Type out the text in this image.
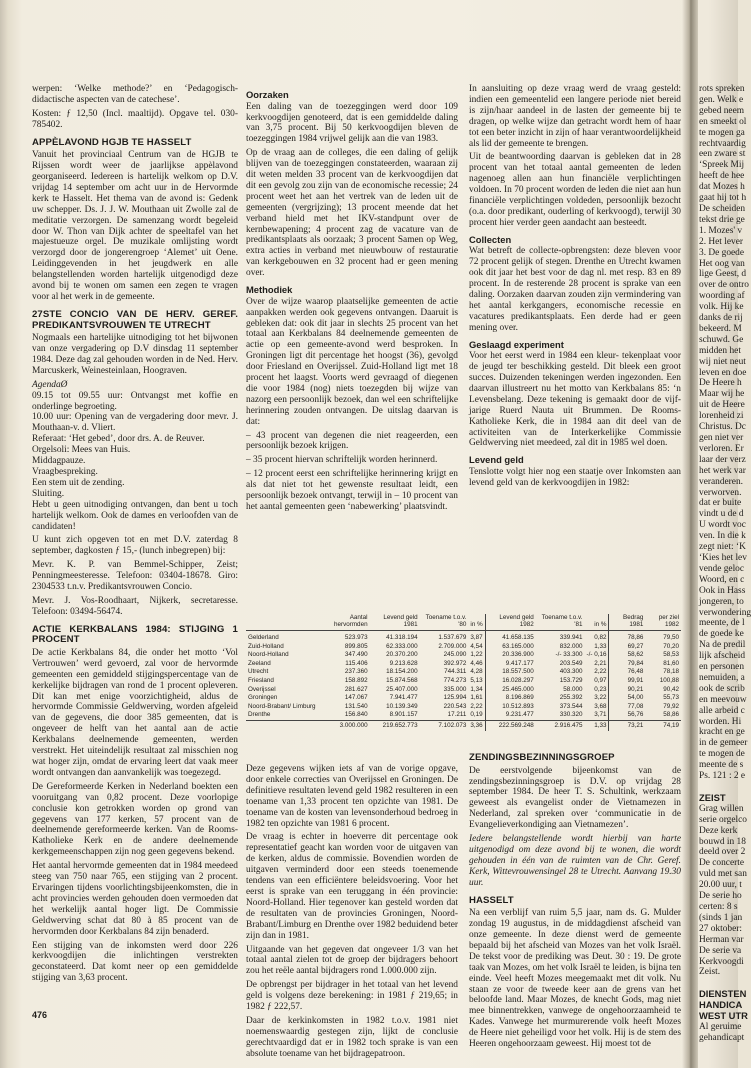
werpen: ‘Welke methode?’ en ‘Pedagogisch-didactische aspecten van de catechese’.

Kosten: ƒ 12,50 (Incl. maaltijd). Opgave tel. 030- 785402.

APPÈLAVOND HGJB TE HASSELT

Vanuit het provinciaal Centrum van de HGJB te Rijssen wordt weer de jaarlijkse appèlavond georganiseerd. Iedereen is hartelijk welkom op D.V. vrijdag 14 september om acht uur in de Hervormde kerk te Hasselt. Het thema van de avond is: Gedenk uw schepper. Ds. J. J. W. Mouthaan uit Zwolle zal de meditatie verzorgen. De samenzang wordt begeleid door W. Thon van Dijk achter de speeltafel van het majestueuze orgel. De muzikale omlijsting wordt verzorgd door de jongerengroep ‘Alemet’ uit Oene. Leidinggevenden in het jeugdwerk en alle belangstellenden worden hartelijk uitgenodigd deze avond bij te wonen om samen een zegen te vragen voor al het werk in de gemeente.

27STE CONCIO VAN DE HERV. GEREF. PREDIKANTSVROUWEN TE UTRECHT

Nogmaals een hartelijke uitnodiging tot het bijwonen van onze vergadering op D.V dinsdag 11 september 1984. Deze dag zal gehouden worden in de Ned. Herv. Marcuskerk, Weinesteinlaan, Hoograven.

AgendaØ
09.15 tot 09.55 uur: Ontvangst met koffie en onderlinge begroeting.
10.00 uur: Opening van de vergadering door mevr. J. Mouthaan-v. d. Vliert.
Referaat: ‘Het gebed’, door drs. A. de Reuver.
Orgelsoli: Mees van Huis.
Middagpauze.
Vraagbespreking.
Een stem uit de zending.
Sluiting.

Hebt u geen uitnodiging ontvangen, dan bent u toch hartelijk welkom. Ook de dames en verloofden van de candidaten!

U kunt zich opgeven tot en met D.V. zaterdag 8 september, dagkosten ƒ 15,- (lunch inbegrepen) bij:

Mevr. K. P. van Bemmel-Schipper, Zeist; Penningmeesteresse. Telefoon: 03404-18678. Giro: 2304533 t.n.v. Predikantsvrouwen Concio.

Mevr. J. Vos-Roodhaart, Nijkerk, secretaresse. Telefoon: 03494-56474.

ACTIE KERKBALANS 1984: STIJGING 1 PROCENT

De actie Kerkbalans 84, die onder het motto ‘Vol Vertrouwen’ werd gevoerd, zal voor de hervormde gemeenten een gemiddeld stijgingspercentage van de kerkelijke bijdragen van rond de 1 procent opleveren. Dit kan met enige voorzichtigheid, aldus de hervormde Commissie Geldwerving, worden afgeleid van de gegevens, die door 385 gemeenten, dat is ongeveer de helft van het aantal aan de actie Kerkbalans deelnemende gemeenten, werden verstrekt. Het uiteindelijk resultaat zal misschien nog wat hoger zijn, omdat de ervaring leert dat vaak meer wordt ontvangen dan aanvankelijk was toegezegd.

De Gereformeerde Kerken in Nederland boekten een vooruitgang van 0,82 procent. Deze voorlopige conclusie kon getrokken worden op grond van gegevens van 177 kerken, 57 procent van de deelnemende gereformeerde kerken. Van de Rooms- Katholieke Kerk en de andere deelnemende kerkgemeenschappen zijn nog geen gegevens bekend.

Het aantal hervormde gemeenten dat in 1984 meedeed steeg van 750 naar 765, een stijging van 2 procent. Ervaringen tijdens voorlichtingsbijeenkomsten, die in acht provincies werden gehouden doen vermoeden dat het werkelijk aantal hoger ligt. De Commissie Geldwerving schat dat 80 à 85 procent van de hervormden door Kerkbalans 84 zijn benaderd.

Een stijging van de inkomsten werd door 226 kerkvoogdijen die inlichtingen verstrekten geconstateerd. Dat komt neer op een gemiddelde stijging van 3,63 procent.

Oorzaken

Een daling van de toezeggingen werd door 109 kerkvoogdijen genoteerd, dat is een gemiddelde daling van 3,75 procent. Bij 50 kerkvoogdijen bleven de toezeggingen 1984 vrijwel gelijk aan die van 1983.

Op de vraag aan de colleges, die een daling of gelijk blijven van de toezeggingen constateerden, waaraan zij dit weten melden 33 procent van de kerkvoogdijen dat dit een gevolg zou zijn van de economische recessie; 24 procent weet het aan het vertrek van de leden uit de gemeenten (vergrijzing); 13 procent meende dat het verband hield met het IKV-standpunt over de kernbewapening; 4 procent zag de vacature van de predikantsplaats als oorzaak; 3 procent Samen op Weg, extra acties in verband met nieuwbouw of restauratie van kerkgebouwen en 32 procent had er geen mening over.

Methodiek

Over de wijze waarop plaatselijke gemeenten de actie aanpakken werden ook gegevens ontvangen. Daaruit is gebleken dat: ook dit jaar in slechts 25 procent van het totaal aan Kerkbalans 84 deelnemende gemeenten de actie op een gemeente-avond werd besproken. In Groningen ligt dit percentage het hoogst (36), gevolgd door Friesland en Overijssel. Zuid-Holland ligt met 18 procent het laagst. Voorts werd gevraagd of diegenen die voor 1984 (nog) niets toezegden bij wijze van nazorg een persoonlijk bezoek, dan wel een schriftelijke herinnering zouden ontvangen. De uitslag daarvan is dat:

– 43 procent van degenen die niet reageerden, een persoonlijk bezoek krijgen.

– 35 procent hiervan schriftelijk worden herinnerd.

– 12 procent eerst een schriftelijke herinnering krijgt en als dat niet tot het gewenste resultaat leidt, een persoonlijk bezoek ontvangt, terwijl in – 10 procent van het aantal gemeenten geen ‘nabewerking’ plaatsvindt.

In aansluiting op deze vraag werd de vraag gesteld: indien een gemeentelid een langere periode niet bereid is zijn/haar aandeel in de lasten der gemeente bij te dragen, op welke wijze dan getracht wordt hem of haar tot een beter inzicht in zijn of haar verantwoordelijkheid als lid der gemeente te brengen.

Uit de beantwoording daarvan is gebleken dat in 28 procent van het totaal aantal gemeenten de leden nagenoeg allen aan hun financiële verplichtingen voldoen. In 70 procent worden de leden die niet aan hun financiële verplichtingen voldeden, persoonlijk bezocht (o.a. door predikant, ouderling of kerkvoogd), terwijl 30 procent hier verder geen aandacht aan besteedt.

Collecten

Wat betreft de collecte-opbrengsten: deze bleven voor 72 procent gelijk of stegen. Drenthe en Utrecht kwamen ook dit jaar het best voor de dag nl. met resp. 83 en 89 procent. In de resterende 28 procent is sprake van een daling. Oorzaken daarvan zouden zijn vermindering van het aantal kerkgangers, economische recessie en vacatures predikantsplaats. Een derde had er geen mening over.

Geslaagd experiment

Voor het eerst werd in 1984 een kleur- tekenplaat voor de jeugd ter beschikking gesteld. Dit bleek een groot succes. Duizenden tekeningen werden ingezonden. Een daarvan illustreert nu het motto van Kerkbalans 85: ‘n Levensbelang. Deze tekening is gemaakt door de vijf-jarige Ruerd Nauta uit Brummen. De Rooms-Katholieke Kerk, die in 1984 aan dit deel van de activiteiten van de Interkerkelijke Commissie Geldwerving niet meedeed, zal dit in 1985 wel doen.

Levend geld

Tenslotte volgt hier nog een staatje over Inkomsten aan levend geld van de kerkvoogdijen in 1982:

	Aantal hervormden	Levend geld 1981	Toename t.o.v. '80	in %	Levend geld 1982	Toename t.o.v. '81	in %	Bedrag 1981	per ziel 1982
Gelderland	523.973	41.318.194	1.537.679	3,87	41.658.135	339.941	0,82	78,86	79,50
Zuid-Holland	899.805	62.333.000	2.709.000	4,54	63.165.000	832.000	1,33	69,27	70,20
Noord-Holland	347.490	20.370.200	245.090	1,22	20.336.900	-/- 33.300	-/- 0,16	58,62	58,53
Zeeland	115.406	9.213.628	392.972	4,46	9.417.177	203.549	2,21	79,84	81,60
Utrecht	237.360	18.154.200	744.311	4,28	18.557.500	403.300	2,22	76,48	78,18
Friesland	158.892	15.874.568	774.273	5,13	16.028.297	153.729	0,97	99,91	100,88
Overijssel	281.627	25.407.000	335.000	1,34	25.465.000	58.000	0,23	90,21	90,42
Groningen	147.067	7.941.477	125.994	1,61	8.196.869	255.392	3,22	54,00	55,73
Noord-Brabant/ Limburg	131.540	10.139.349	220.543	2,22	10.512.893	373.544	3,68	77,08	79,92
Drenthe	156.840	8.901.157	17.211	0,19	9.231.477	330.320	3,71	56,76	58,86
	3.000.000	219.652.773	7.102.073	3,36	222.569.248	2.916.475	1,33	73,21	74,19

Deze gegevens wijken iets af van de vorige opgave, door enkele correcties van Overijssel en Groningen. De definitieve resultaten levend geld 1982 resulteren in een toename van 1,33 procent ten opzichte van 1981. De toename van de kosten van levensonderhoud bedroeg in 1982 ten opzichte van 1981 6 procent.

De vraag is echter in hoeverre dit percentage ook representatief geacht kan worden voor de uitgaven van de kerken, aldus de commissie. Bovendien worden de uitgaven verminderd door een steeds toenemende tendens van een efficiëntere beleidsvoering. Voor het eerst is sprake van een teruggang in één provincie: Noord-Holland. Hier tegenover kan gesteld worden dat de resultaten van de provincies Groningen, Noord- Brabant/Limburg en Drenthe over 1982 beduidend beter zijn dan in 1981.

Uitgaande van het gegeven dat ongeveer 1/3 van het totaal aantal zielen tot de groep der bijdragers behoort zou het reële aantal bijdragers rond 1.000.000 zijn.

De opbrengst per bijdrager in het totaal van het levend geld is volgens deze berekening: in 1981 ƒ 219,65; in 1982 ƒ 222,57.

Daar de kerkinkomsten in 1982 t.o.v. 1981 niet noemenswaardig gestegen zijn, lijkt de conclusie gerechtvaardigd dat er in 1982 toch sprake is van een absolute toename van het bijdragepatroon.

ZENDINGSBEZINNINGSGROEP

De eerstvolgende bijeenkomst van de zendingsbezinningsgroep is D.V. op vrijdag 28 september 1984. De heer T. S. Schultink, werkzaam geweest als evangelist onder de Vietnamezen in Nederland, zal spreken over ‘communicatie in de Evangelieverkondiging aan Vietnamezen’.

Iedere belangstellende wordt hierbij van harte uitgenodigd om deze avond bij te wonen, die wordt gehouden in één van de ruimten van de Chr. Geref. Kerk, Wittevrouwensingel 28 te Utrecht. Aanvang 19.30 uur.

HASSELT

Na een verblijf van ruim 5,5 jaar, nam ds. G. Mulder zondag 19 augustus, in de middagdienst afscheid van onze gemeente. In deze dienst werd de gemeente bepaald bij het afscheid van Mozes van het volk Israël. De tekst voor de prediking was Deut. 30 : 19. De grote taak van Mozes, om het volk Israël te leiden, is bijna ten einde. Veel heeft Mozes meegemaakt met dit volk. Nu staan ze voor de tweede keer aan de grens van het beloofde land. Maar Mozes, de knecht Gods, mag niet mee binnentrekken, vanwege de ongehoorzaamheid te Kades. Vanwege het murmurerende volk heeft Mozes de Heere niet geheiligd voor het volk. Hij is de stem des Heeren ongehoorzaam geweest. Hij moest tot de

rots spreken
gen. Welk e
gebed neem
en smeekt ol
te mogen ga
rechtvaardig
een zware st
‘Spreek Mij
heeft de hee
dat Mozes h
gaat hij tot h
De scheiden
tekst drie ge
1. Mozes' v
2. Het lever
3. De goede
Het oog van
lige Geest, d
over de ontro
woording af
volk. Hij ke
danks de rij
bekeerd. M
schuwd. Ge
midden het
wij niet neut
leven en doe
De Heere h
Maar wij he
uit de Heere
lorenheid zi
Christus. Dc
gen niet ver
verloren. Er
laar der verz
het werk var
veranderen.
verworven.
dat er buite
vindt u de d
U wordt voc
ven. In die k
zegt niet: ‘K
‘Kies het lev
vende geloc
Woord, en c
Ook in Hass
jongeren, to
verwondering
meente, de l
de goede ke
Na de predil
lijk afscheid
en personen
nemuiden, a
ook de scrib
en meevouw
alle arbeid c
worden. Hi
kracht en ge
in de gemeer
te mogen de
meente de s
Ps. 121 : 2 e

ZEIST
Grag willen
serie orgelco
Deze kerk
bouwd in 18
deeld over 2
De concerte
vuld met san
20.00 uur, t
De serie ho
certen: 8 s
(sinds 1 jan
27 oktober:
Herman var
De serie va
Kerkvoogdi
Zeist.

DIENSTEN
HANDICA
WEST UTR
Al geruime
gehandicapt
476
